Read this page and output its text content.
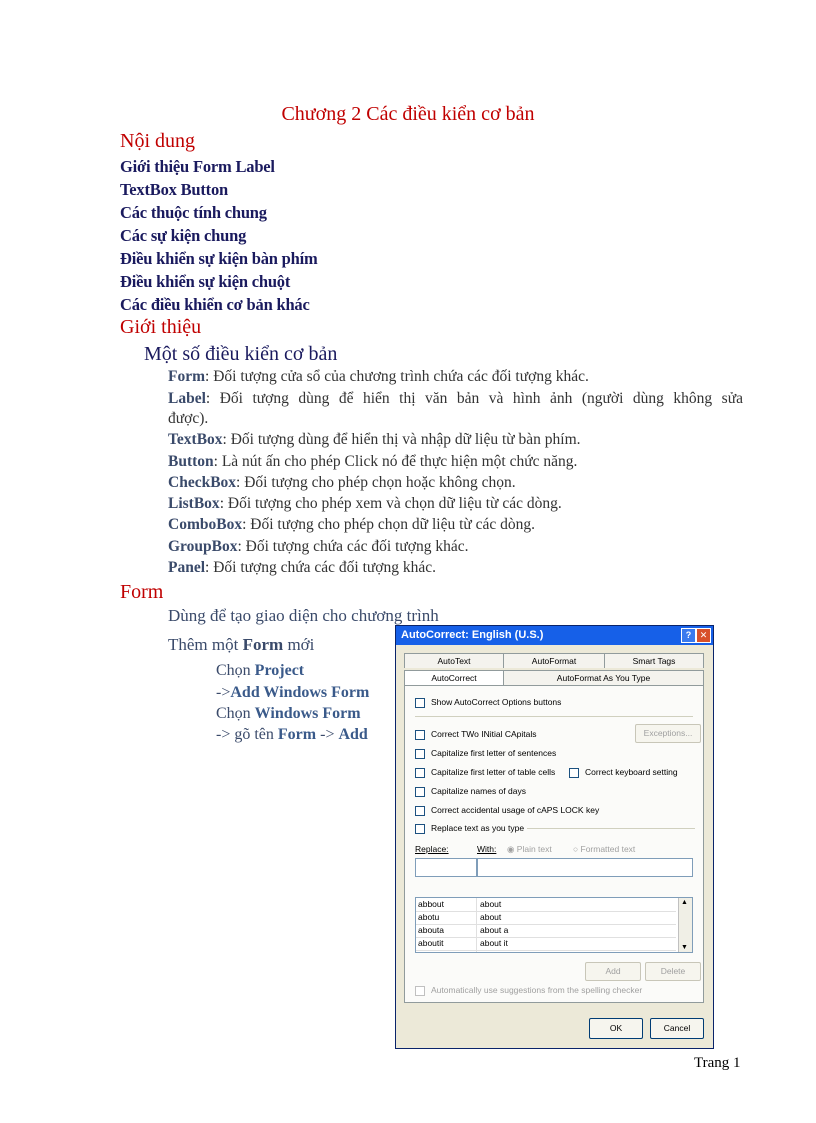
Chương 2 Các điều kiển cơ bản
Nội dung
Giới thiệu Form Label
TextBox Button
Các thuộc tính chung
Các sự kiện chung
Điều khiển sự kiện bàn phím
Điều khiển sự kiện chuột
Các điều khiển cơ bản khác
Giới thiệu
Một số điều kiển cơ bản
Form: Đối tượng cửa sổ của chương trình chứa các đối tượng khác.
Label: Đối tượng dùng để hiển thị văn bản và hình ảnh (người dùng không sửa
được).
TextBox: Đối tượng dùng để hiển thị và nhập dữ liệu từ bàn phím.
Button: Là nút ấn cho phép Click nó để thực hiện một chức năng.
CheckBox: Đối tượng cho phép chọn hoặc không chọn.
ListBox: Đối tượng cho phép xem và chọn dữ liệu từ các dòng.
ComboBox: Đối tượng cho phép chọn dữ liệu từ các dòng.
GroupBox: Đối tượng chứa các đối tượng khác.
Panel: Đối tượng chứa các đối tượng khác.
Form
Dùng để tạo giao diện cho chương trình
Thêm một Form mới
Chọn Project
->Add Windows Form
Chọn Windows Form
-> gõ tên Form -> Add
AutoCorrect: English (U.S.)	? ✕
AutoText	AutoFormat	Smart Tags
AutoCorrect	AutoFormat As You Type
Show AutoCorrect Options buttons
Correct TWo INitial CApitals	Exceptions...
Capitalize first letter of sentences
Capitalize first letter of table cells	Correct keyboard setting
Capitalize names of days
Correct accidental usage of cAPS LOCK key
Replace text as you type
Replace:	With: ◉ Plain text	○ Formatted text
abbout	about
abotu	about
abouta	about a
aboutit	about it
▲
▼
Add	Delete
Automatically use suggestions from the spelling checker
OK	Cancel
Trang 1
